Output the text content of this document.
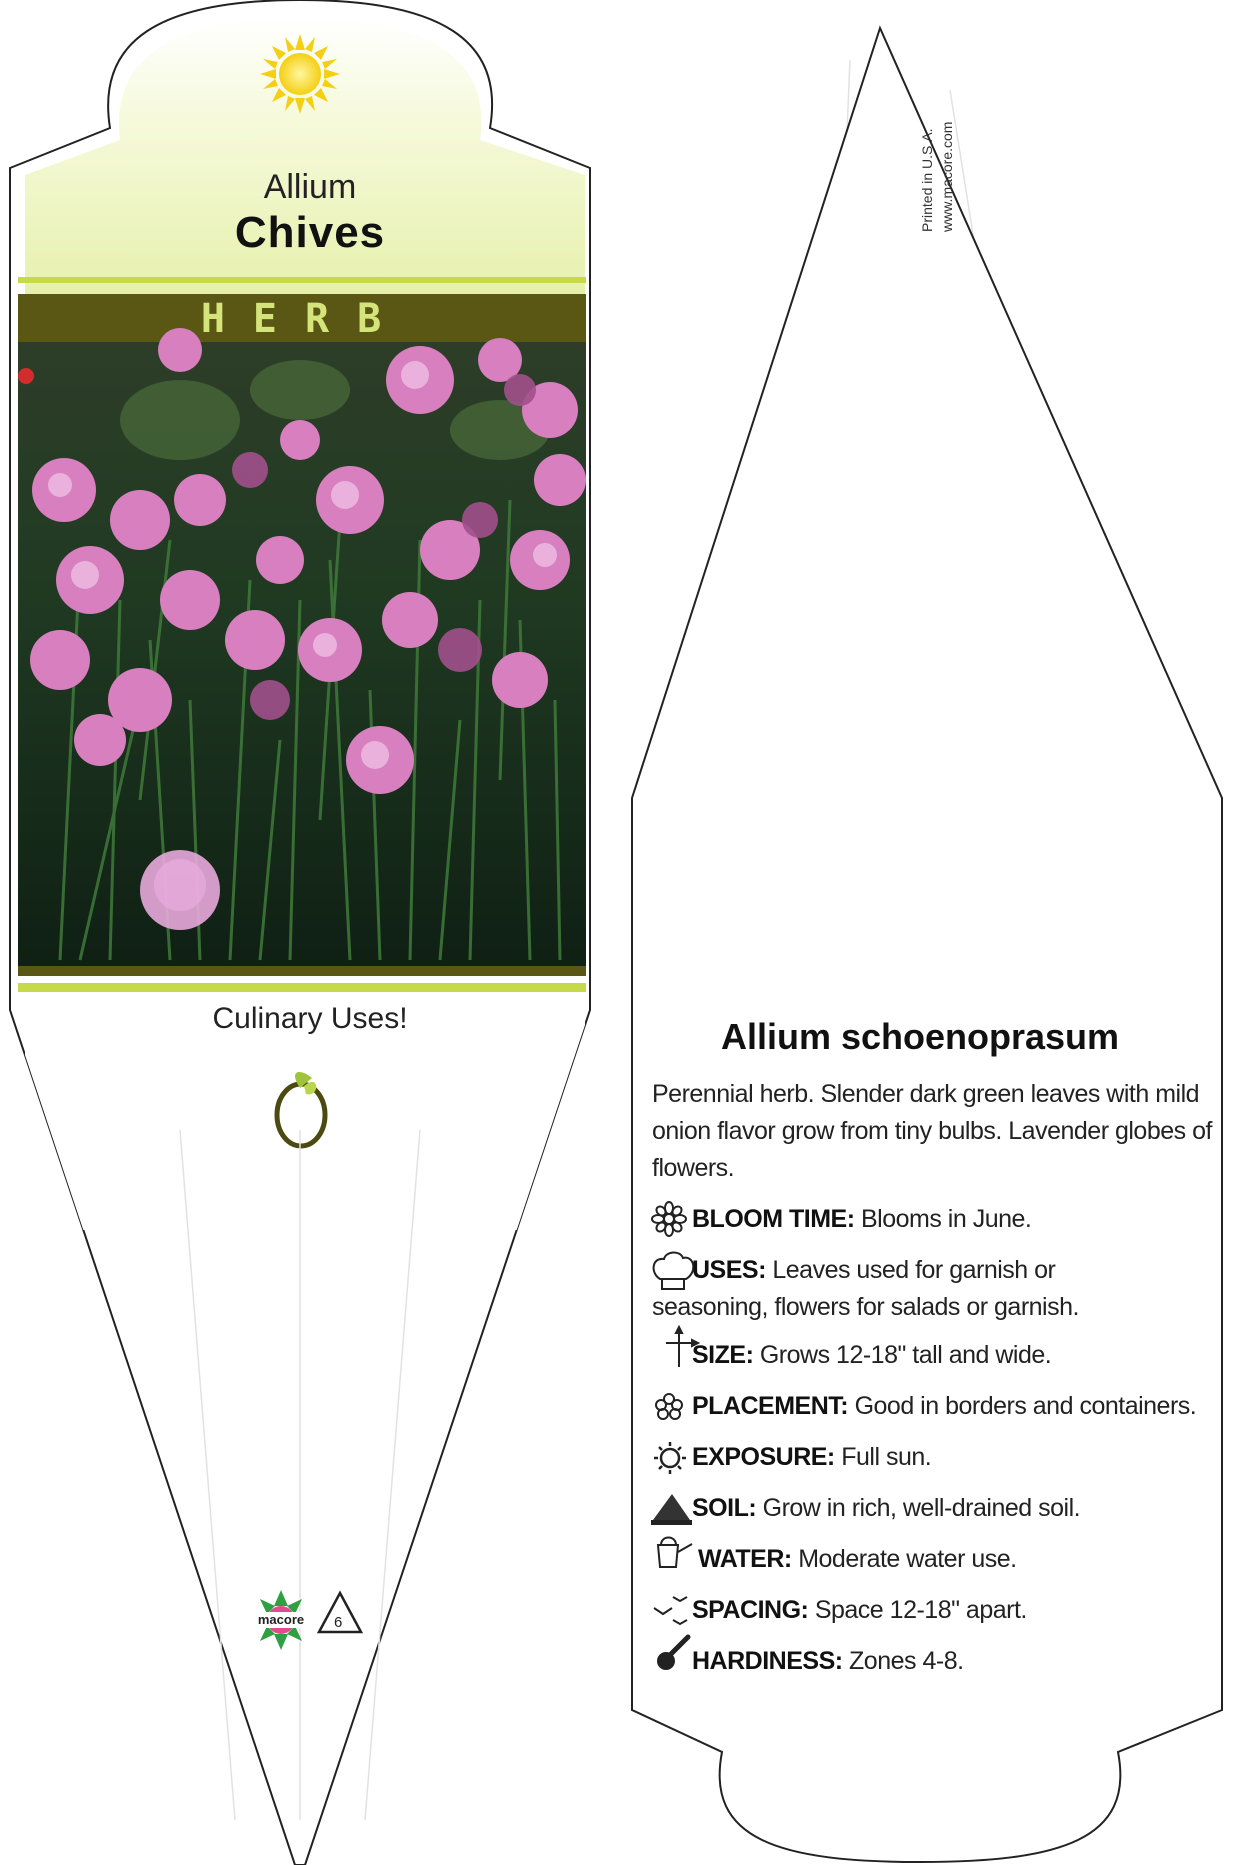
Allium
Chives
HERB
Culinary Uses!
macore	6
Printed in U.S.A. www.macore.com
Allium schoenoprasum
Perennial herb. Slender dark green leaves with mild onion flavor grow from tiny bulbs. Lavender globes of flowers.
BLOOM TIME: Blooms in June.
USES: Leaves used for garnish or seasoning, flowers for salads or garnish.
SIZE: Grows 12-18" tall and wide.
PLACEMENT: Good in borders and containers.
EXPOSURE: Full sun.
SOIL: Grow in rich, well-drained soil.
WATER: Moderate water use.
SPACING: Space 12-18" apart.
HARDINESS: Zones 4-8.
